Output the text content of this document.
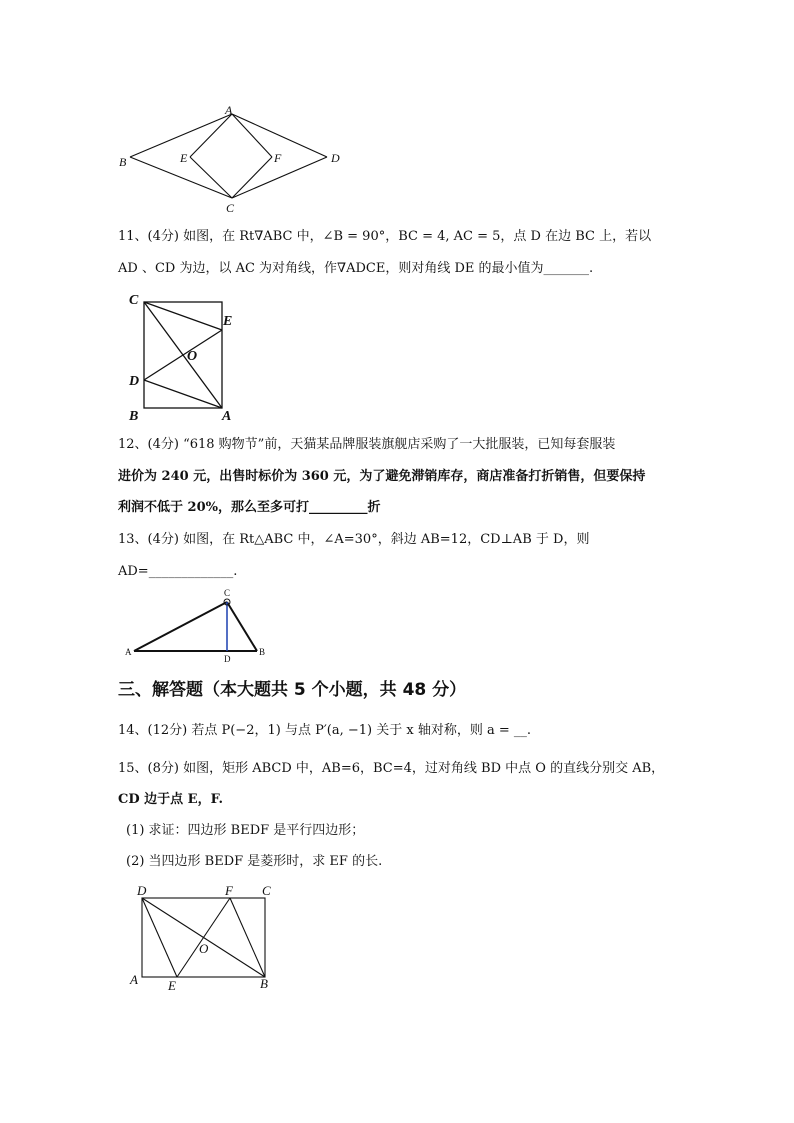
A
B	E	F	D
C
11、(4分) 如图，在 Rt∇ABC 中，∠B = 90°，BC = 4, AC = 5，点 D 在边 BC 上，若以
AD 、CD 为边，以 AC 为对角线，作∇ADCE，则对角线 DE 的最小值为_______.
C
E
O
D
B	A
12、(4分) “618 购物节”前，天猫某品牌服装旗舰店采购了一大批服装，已知每套服装
进价为 240 元，出售时标价为 360 元，为了避免滞销库存，商店准备打折销售，但要保持
利润不低于 20%，那么至多可打_________折
13、(4分) 如图，在 Rt△ABC 中，∠A=30°，斜边 AB=12，CD⊥AB 于 D，则
AD=_____________.
C
A	B
D
三、解答题（本大题共 5 个小题，共 48 分）
14、(12分) 若点 P(−2，1) 与点 P′(a, −1) 关于 x 轴对称，则 a = __.
15、(8分) 如图，矩形 ABCD 中，AB=6，BC=4，过对角线 BD 中点 O 的直线分别交 AB，
CD 边于点 E，F.
(1) 求证：四边形 BEDF 是平行四边形；
(2) 当四边形 BEDF 是菱形时，求 EF 的长.
D	F C
O
A E	B
